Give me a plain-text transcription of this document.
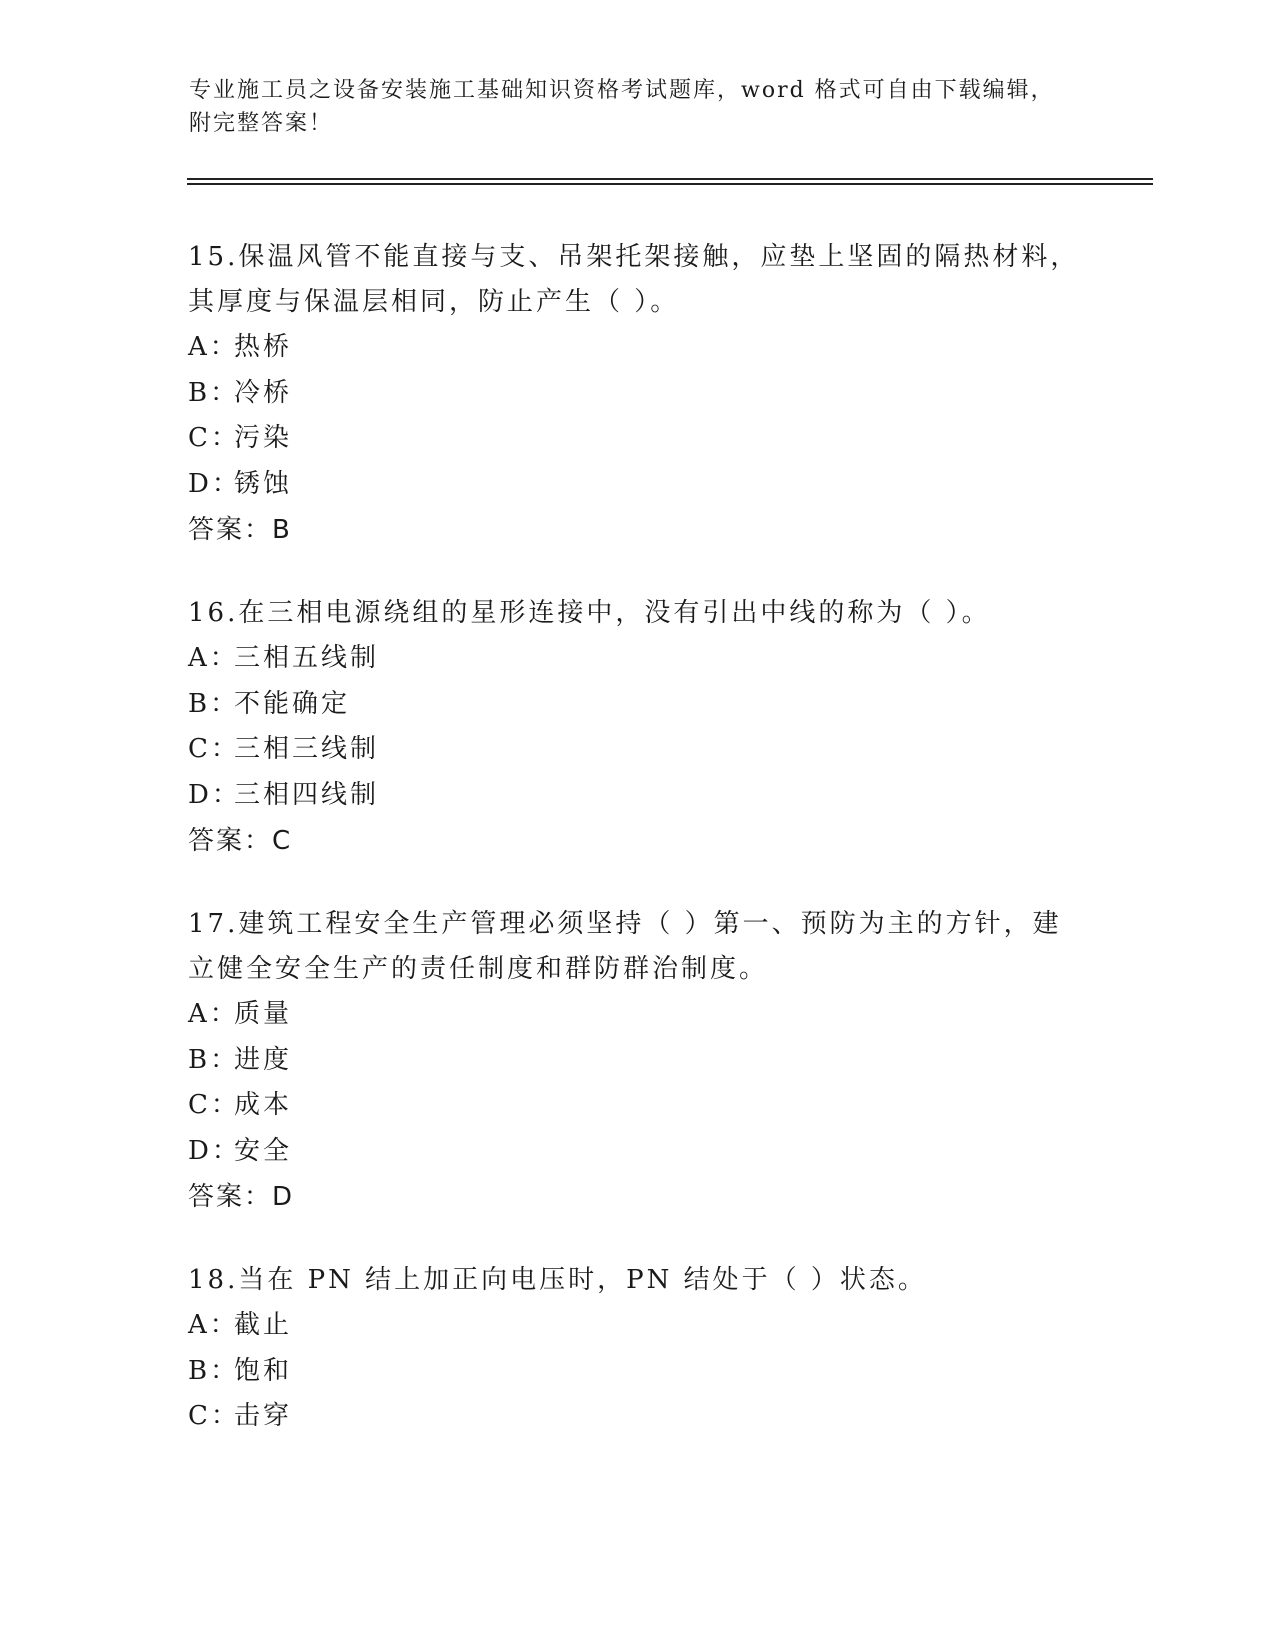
专业施工员之设备安装施工基础知识资格考试题库，word 格式可自由下载编辑，
附完整答案！
15.保温风管不能直接与支、吊架托架接触，应垫上坚固的隔热材料，其厚度与保温层相同，防止产生（ ）。
A：热桥
B：冷桥
C：污染
D：锈蚀
答案：B
16.在三相电源绕组的星形连接中，没有引出中线的称为（ ）。
A：三相五线制
B：不能确定
C：三相三线制
D：三相四线制
答案：C
17.建筑工程安全生产管理必须坚持（ ）第一、预防为主的方针，建立健全安全生产的责任制度和群防群治制度。
A：质量
B：进度
C：成本
D：安全
答案：D
18.当在 PN 结上加正向电压时，PN 结处于（ ）状态。
A：截止
B：饱和
C：击穿
